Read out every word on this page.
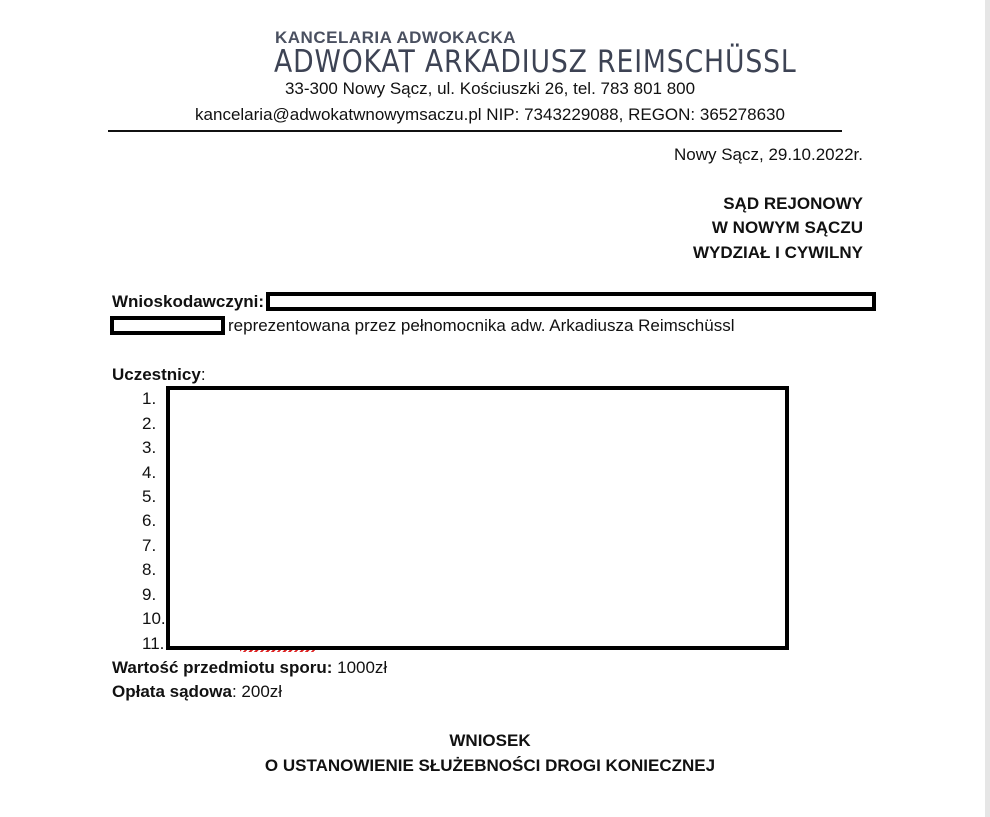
KANCELARIA ADWOKACKA
ADWOKAT ARKADIUSZ REIMSCHÜSSL
33-300 Nowy Sącz, ul. Kościuszki 26, tel. 783 801 800
kancelaria@adwokatwnowymsaczu.pl NIP: 7343229088, REGON: 365278630
Nowy Sącz, 29.10.2022r.
SĄD REJONOWY
W NOWYM SĄCZU
WYDZIAŁ I CYWILNY
Wnioskodawczyni:
reprezentowana przez pełnomocnika adw. Arkadiusza Reimschüssl
Uczestnicy:
1.
2.
3.
4.
5.
6.
7.
8.
9.
10.
11.
Wartość przedmiotu sporu: 1000zł
Opłata sądowa: 200zł
WNIOSEK
O USTANOWIENIE SŁUŻEBNOŚCI DROGI KONIECZNEJ
